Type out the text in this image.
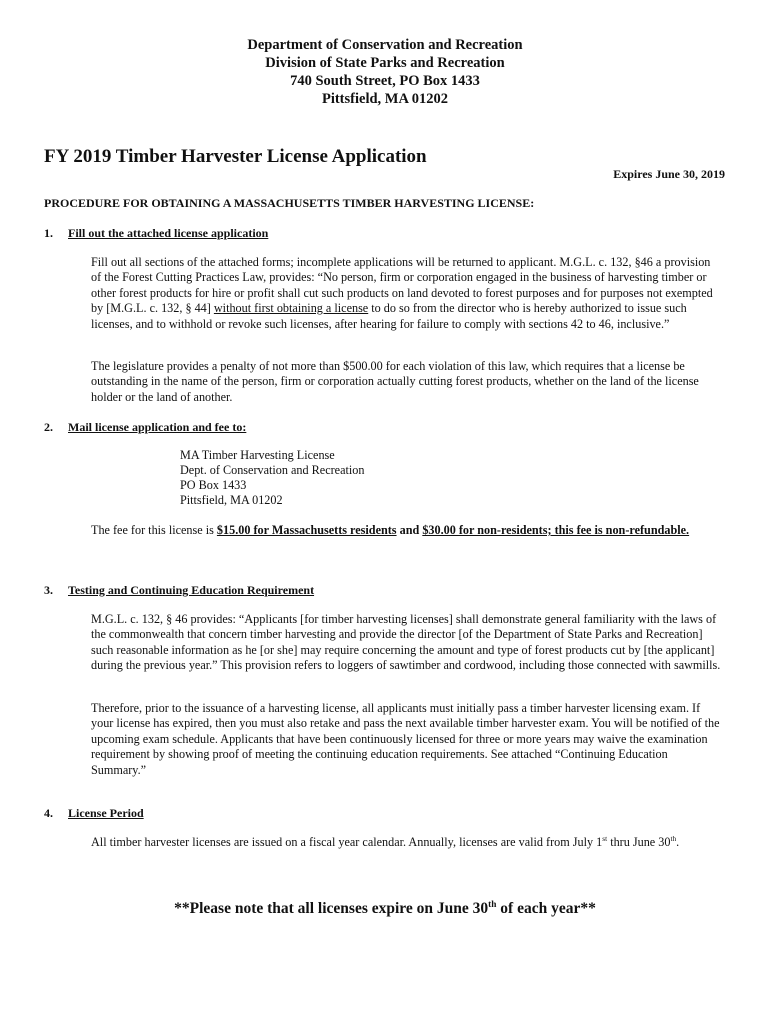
Department of Conservation and Recreation
Division of State Parks and Recreation
740 South Street, PO Box 1433
Pittsfield, MA 01202
FY 2019 Timber Harvester License Application
Expires June 30, 2019
PROCEDURE FOR OBTAINING A MASSACHUSETTS TIMBER HARVESTING LICENSE:
1. Fill out the attached license application
Fill out all sections of the attached forms; incomplete applications will be returned to applicant. M.G.L. c. 132, §46 a provision of the Forest Cutting Practices Law, provides: “No person, firm or corporation engaged in the business of harvesting timber or other forest products for hire or profit shall cut such products on land devoted to forest purposes and for purposes not exempted by [M.G.L. c. 132, § 44] without first obtaining a license to do so from the director who is hereby authorized to issue such licenses, and to withhold or revoke such licenses, after hearing for failure to comply with sections 42 to 46, inclusive.”
The legislature provides a penalty of not more than $500.00 for each violation of this law, which requires that a license be outstanding in the name of the person, firm or corporation actually cutting forest products, whether on the land of the license holder or the land of another.
2. Mail license application and fee to:
MA Timber Harvesting License
Dept. of Conservation and Recreation
PO Box 1433
Pittsfield, MA 01202
The fee for this license is $15.00 for Massachusetts residents and $30.00 for non-residents; this fee is non-refundable.
3. Testing and Continuing Education Requirement
M.G.L. c. 132, § 46 provides: “Applicants [for timber harvesting licenses] shall demonstrate general familiarity with the laws of the commonwealth that concern timber harvesting and provide the director [of the Department of State Parks and Recreation] such reasonable information as he [or she] may require concerning the amount and type of forest products cut by [the applicant] during the previous year.” This provision refers to loggers of sawtimber and cordwood, including those connected with sawmills.
Therefore, prior to the issuance of a harvesting license, all applicants must initially pass a timber harvester licensing exam. If your license has expired, then you must also retake and pass the next available timber harvester exam. You will be notified of the upcoming exam schedule. Applicants that have been continuously licensed for three or more years may waive the examination requirement by showing proof of meeting the continuing education requirements. See attached “Continuing Education Summary.”
4. License Period
All timber harvester licenses are issued on a fiscal year calendar. Annually, licenses are valid from July 1st thru June 30th.
**Please note that all licenses expire on June 30th of each year**
